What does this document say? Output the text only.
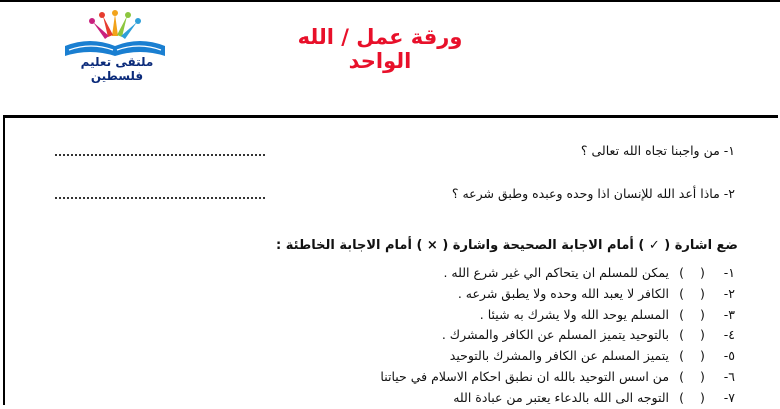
ملتقى تعليم فلسطين
ورقة عمل / الله الواحد
١- من واجبنا تجاه الله تعالى ؟
٢- ماذا أعد الله للإنسان اذا وحده وعبده وطبق شرعه ؟
ضع اشارة ( ✓ ) أمام الاجابة الصحيحة واشارة ( × ) أمام الاجابة الخاطئة :
١- (    ) يمكن للمسلم ان يتحاكم الي غير شرع الله .
٢- (    ) الكافر لا يعبد الله وحده ولا يطبق شرعه .
٣- (    ) المسلم يوحد الله ولا يشرك به شيئا .
٤- (    ) بالتوحيد يتميز المسلم عن الكافر والمشرك .
٥- (    ) يتميز المسلم عن الكافر والمشرك بالتوحيد
٦- (    ) من اسس التوحيد بالله ان نطبق احكام الاسلام في حياتنا
٧- (    ) التوجه الى الله بالدعاء يعتبر من عبادة الله
